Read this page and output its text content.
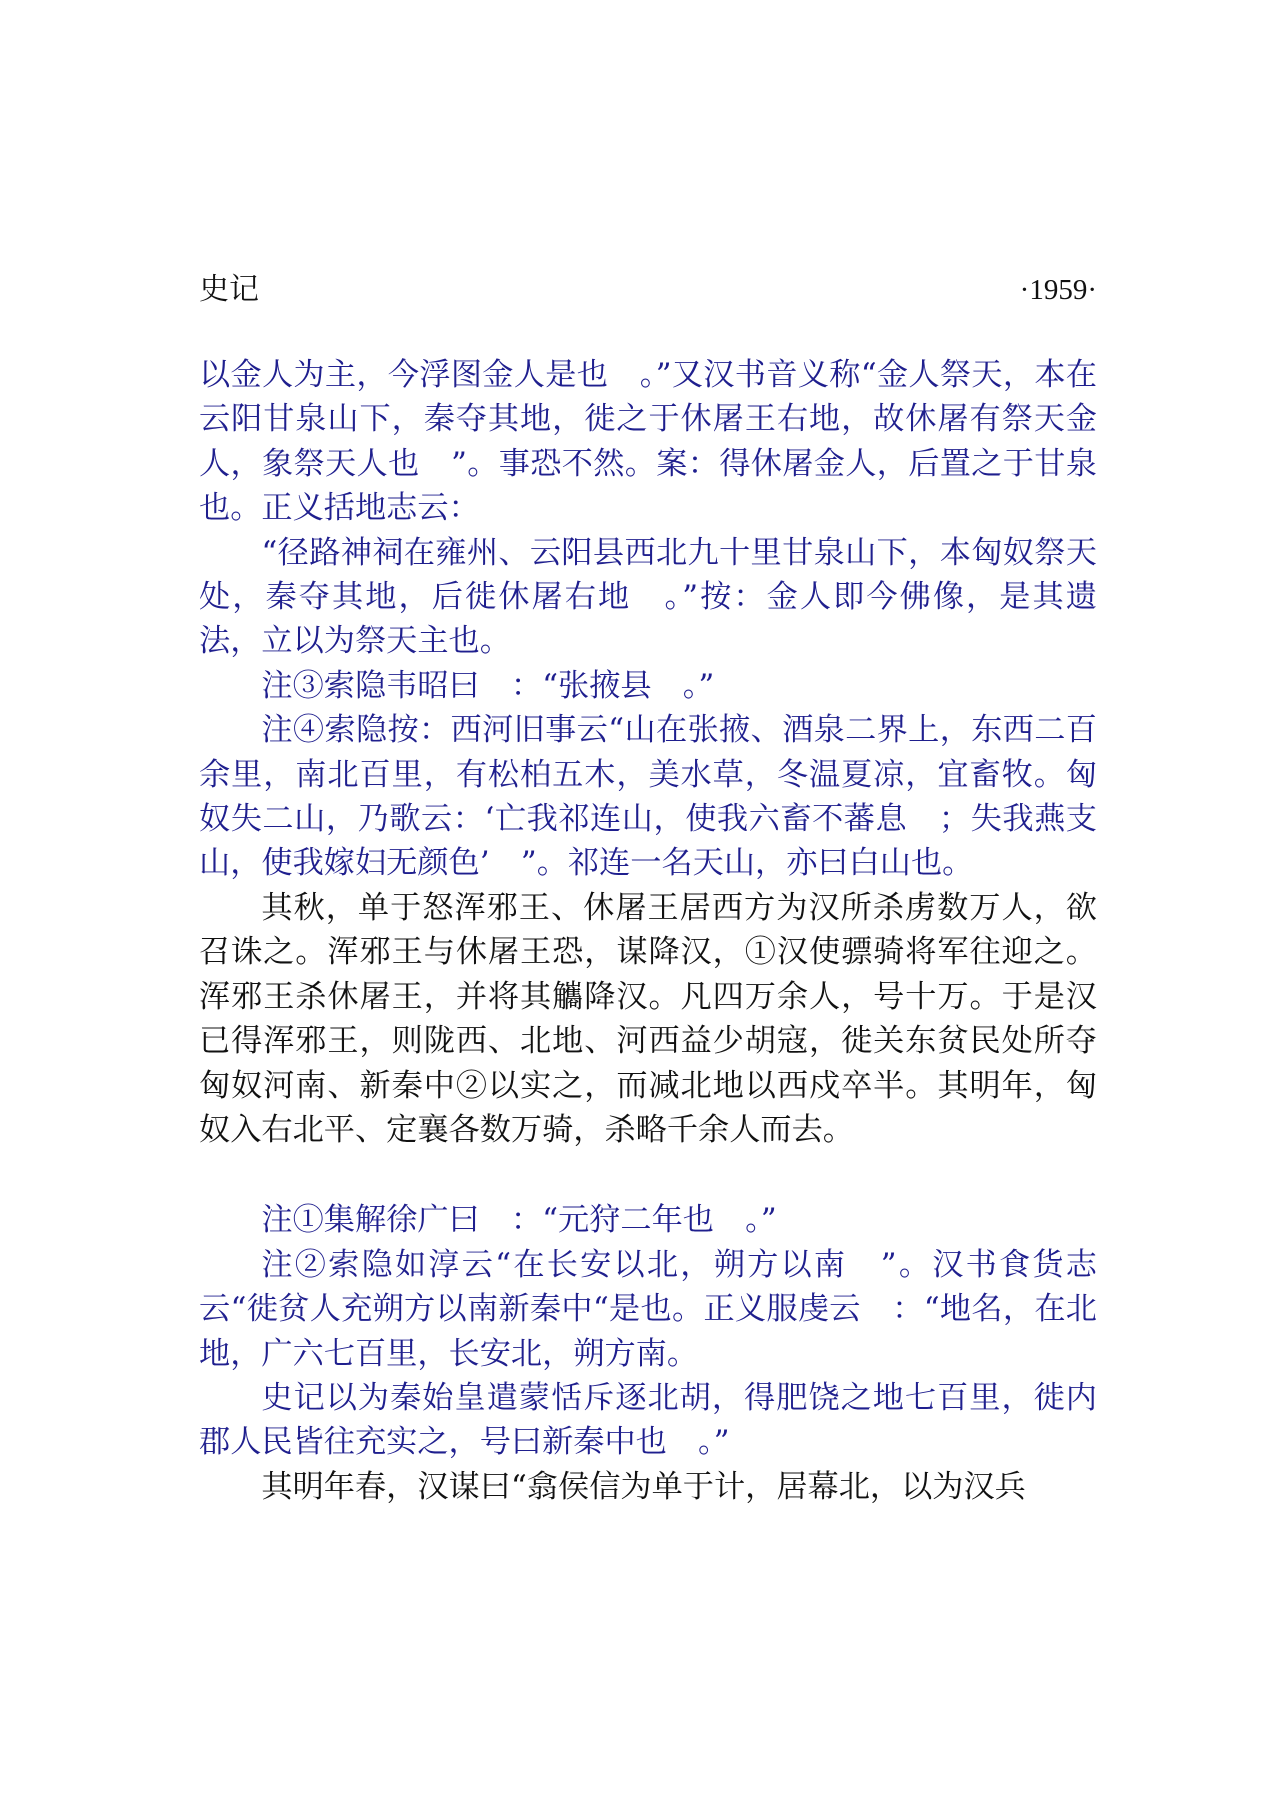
史记	·1959·

以金人为主，今浮图金人是也　。”又汉书音义称“金人祭天，本在云阳甘泉山下，秦夺其地，徙之于休屠王右地，故休屠有祭天金人，象祭天人也　”。事恐不然。案：得休屠金人，后置之于甘泉也。正义括地志云：

“径路神祠在雍州、云阳县西北九十里甘泉山下，本匈奴祭天处，秦夺其地，后徙休屠右地　。”按：金人即今佛像，是其遗法，立以为祭天主也。

注③索隐韦昭曰　：“张掖县　。”

注④索隐按：西河旧事云“山在张掖、酒泉二界上，东西二百余里，南北百里，有松柏五木，美水草，冬温夏凉，宜畜牧。匈奴失二山，乃歌云：‘亡我祁连山，使我六畜不蕃息　；失我燕支山，使我嫁妇无颜色’　”。祁连一名天山，亦曰白山也。

其秋，单于怒浑邪王、休屠王居西方为汉所杀虏数万人，欲召诛之。浑邪王与休屠王恐，谋降汉，①汉使骠骑将军往迎之。浑邪王杀休屠王，并将其觿降汉。凡四万余人，号十万。于是汉已得浑邪王，则陇西、北地、河西益少胡寇，徙关东贫民处所夺匈奴河南、新秦中②以实之，而减北地以西戍卒半。其明年，匈奴入右北平、定襄各数万骑，杀略千余人而去。

注①集解徐广曰　：“元狩二年也　。”

注②索隐如淳云“在长安以北，朔方以南　”。汉书食货志云“徙贫人充朔方以南新秦中“是也。正义服虔云　：“地名，在北地，广六七百里，长安北，朔方南。

史记以为秦始皇遣蒙恬斥逐北胡，得肥饶之地七百里，徙内郡人民皆往充实之，号曰新秦中也　。”

其明年春，汉谋曰“翕侯信为单于计，居幕北，以为汉兵
